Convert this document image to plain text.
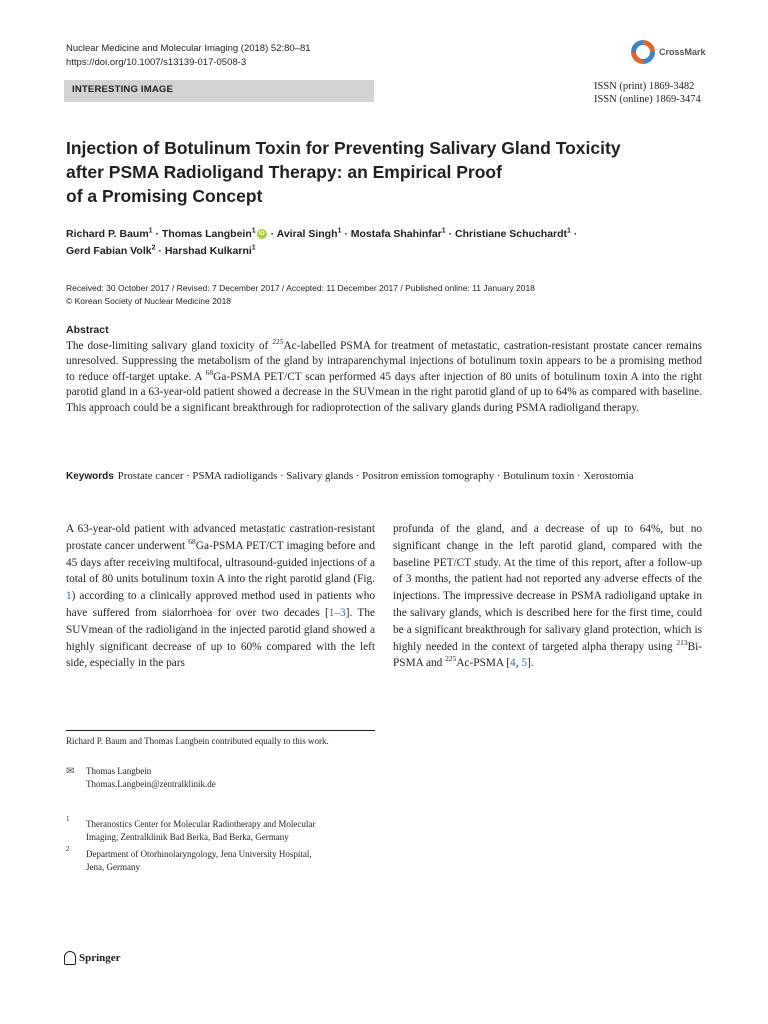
Nuclear Medicine and Molecular Imaging (2018) 52:80–81
https://doi.org/10.1007/s13139-017-0508-3
CrossMark
INTERESTING IMAGE	ISSN (print) 1869-3482
ISSN (online) 1869-3474
Injection of Botulinum Toxin for Preventing Salivary Gland Toxicity
after PSMA Radioligand Therapy: an Empirical Proof
of a Promising Concept
Richard P. Baum$^1$ · Thomas Langbein$^1$ iD · Aviral Singh$^1$ · Mostafa Shahinfar$^1$ · Christiane Schuchardt$^1$ ·
Gerd Fabian Volk$^2$ · Harshad Kulkarni$^1$
Received: 30 October 2017 / Revised: 7 December 2017 / Accepted: 11 December 2017 / Published online: 11 January 2018
© Korean Society of Nuclear Medicine 2018
Abstract
The dose-limiting salivary gland toxicity of $^{225}$Ac-labelled PSMA for treatment of metastatic, castration-resistant prostate cancer remains unresolved. Suppressing the metabolism of the gland by intraparenchymal injections of botulinum toxin appears to be a promising method to reduce off-target uptake. A $^{68}$Ga-PSMA PET/CT scan performed 45 days after injection of 80 units of botulinum toxin A into the right parotid gland in a 63-year-old patient showed a decrease in the SUVmean in the right parotid gland of up to 64% as compared with baseline. This approach could be a significant breakthrough for radioprotection of the salivary glands during PSMA radioligand therapy.
Keywords Prostate cancer · PSMA radioligands · Salivary glands · Positron emission tomography · Botulinum toxin · Xerostomia
A 63-year-old patient with advanced metastatic castration-resistant prostate cancer underwent $^{68}$Ga-PSMA PET/CT imaging before and 45 days after receiving multifocal, ultrasound-guided injections of a total of 80 units botulinum toxin A into the right parotid gland (Fig. 1) according to a clinically approved method used in patients who have suffered from sialorrhoea for over two decades [1–3]. The SUVmean of the radioligand in the injected parotid gland showed a highly significant decrease of up to 60% compared with the left side, especially in the pars
profunda of the gland, and a decrease of up to 64%, but no significant change in the left parotid gland, compared with the baseline PET/CT study. At the time of this report, after a follow-up of 3 months, the patient had not reported any adverse effects of the injections. The impressive decrease in PSMA radioligand uptake in the salivary glands, which is described here for the first time, could be a significant breakthrough for salivary gland protection, which is highly needed in the context of targeted alpha therapy using $^{213}$Bi-PSMA and $^{225}$Ac-PSMA [4, 5].
Richard P. Baum and Thomas Langbein contributed equally to this work.
✉ Thomas Langbein
Thomas.Langbein@zentralklinik.de
1 Theranostics Center for Molecular Radiotherapy and Molecular
Imaging, Zentralklinik Bad Berka, Bad Berka, Germany
2 Department of Otorhinolaryngology, Jena University Hospital,
Jena, Germany
Springer
